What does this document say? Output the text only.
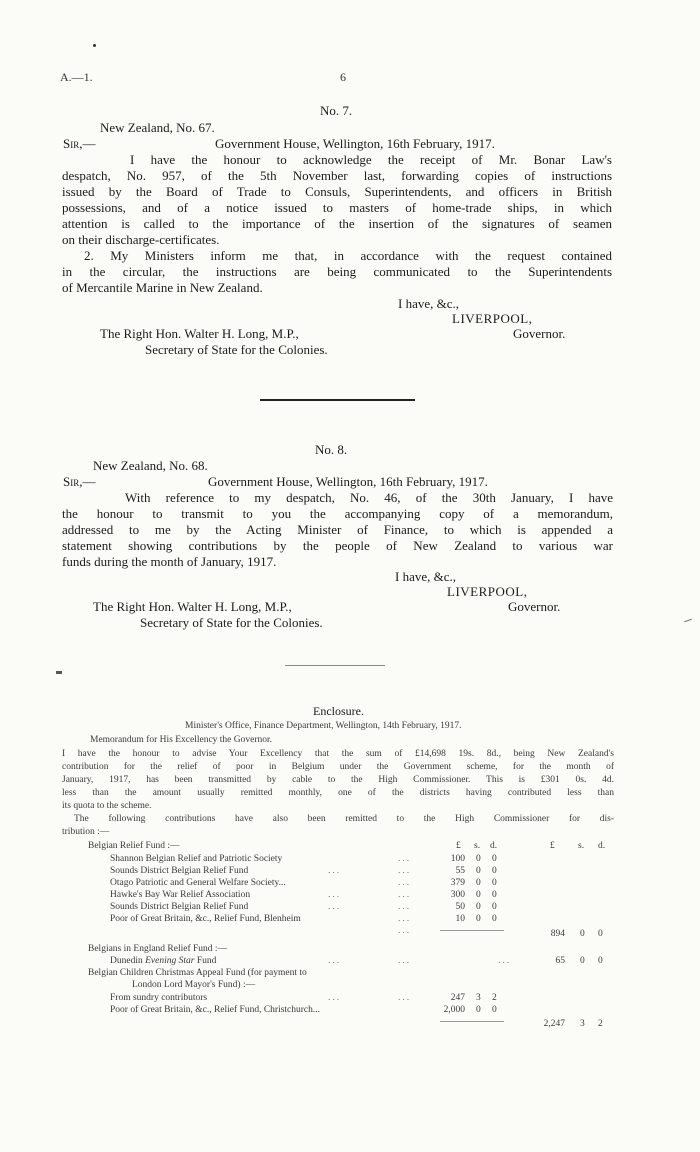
A.—1.	6
No. 7.
New Zealand, No. 67.
Sir,—	Government House, Wellington, 16th February, 1917.
I have the honour to acknowledge the receipt of Mr. Bonar Law's
despatch, No. 957, of the 5th November last, forwarding copies of instructions
issued by the Board of Trade to Consuls, Superintendents, and officers in British
possessions, and of a notice issued to masters of home-trade ships, in which
attention is called to the importance of the insertion of the signatures of seamen
on their discharge-certificates.
2. My Ministers inform me that, in accordance with the request contained
in the circular, the instructions are being communicated to the Superintendents
of Mercantile Marine in New Zealand.
I have, &c.,
LIVERPOOL,
Governor.
The Right Hon. Walter H. Long, M.P.,
Secretary of State for the Colonies.
No. 8.
New Zealand, No. 68.
Sir,—	Government House, Wellington, 16th February, 1917.
With reference to my despatch, No. 46, of the 30th January, I have
the honour to transmit to you the accompanying copy of a memorandum,
addressed to me by the Acting Minister of Finance, to which is appended a
statement showing contributions by the people of New Zealand to various war
funds during the month of January, 1917.
I have, &c.,
LIVERPOOL,
Governor.
The Right Hon. Walter H. Long, M.P.,
Secretary of State for the Colonies.
Enclosure.
Minister's Office, Finance Department, Wellington, 14th February, 1917.
Memorandum for His Excellency the Governor.
I have the honour to advise Your Excellency that the sum of £14,698 19s. 8d., being New Zealand's
contribution for the relief of poor in Belgium under the Government scheme, for the month of
January, 1917, has been transmitted by cable to the High Commissioner. This is £301 0s. 4d.
less than the amount usually remitted monthly, one of the districts having contributed less than
its quota to the scheme.
The following contributions have also been remitted to the High Commissioner for dis-
tribution :—
Belgian Relief Fund :—	£ s. d.	£ s. d.
Shannon Belgian Relief and Patriotic Society	...	100 0 0
Sounds District Belgian Relief Fund	...	...	55 0 0
Otago Patriotic and General Welfare Society...	...	379 0 0
Hawke's Bay War Relief Association	...	...	300 0 0
Sounds District Belgian Relief Fund	...	...	50 0 0
Poor of Great Britain, &c., Relief Fund, Blenheim	...	10 0 0
...	894 0 0
Belgians in England Relief Fund :—
Dunedin Evening Star Fund	...	...	...	65 0 0
Belgian Children Christmas Appeal Fund (for payment to
London Lord Mayor's Fund) :—
From sundry contributors	...	...	247 3 2
Poor of Great Britain, &c., Relief Fund, Christchurch...	2,000 0 0
2,247 3 2
